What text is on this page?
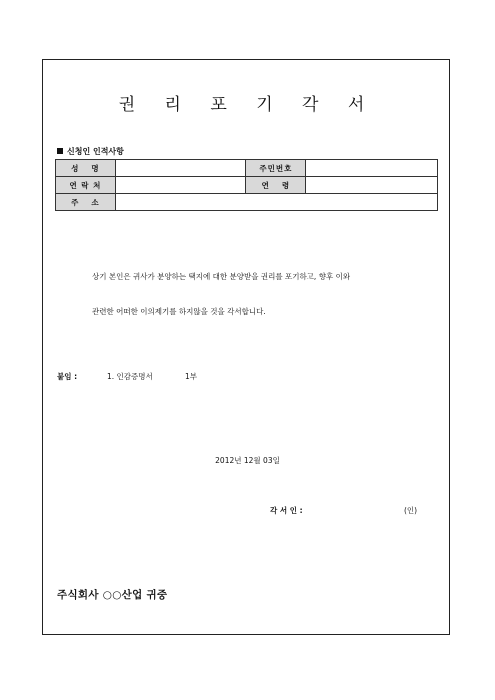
권 리 포 기 각 서
신청인 인적사항
성 명		주민번호	
연 락 처		연 령	
주 소			
상기 본인은 귀사가 분양하는 택지에 대한 분양받을 권리를 포기하고, 향후 이와
관련한 어떠한 이의제기를 하지않을 것을 각서합니다.
붙임 :	1. 인감증명서	1부
2012년 12월 03일
각 서 인 :	(인)
주식회사 ○○산업 귀중
